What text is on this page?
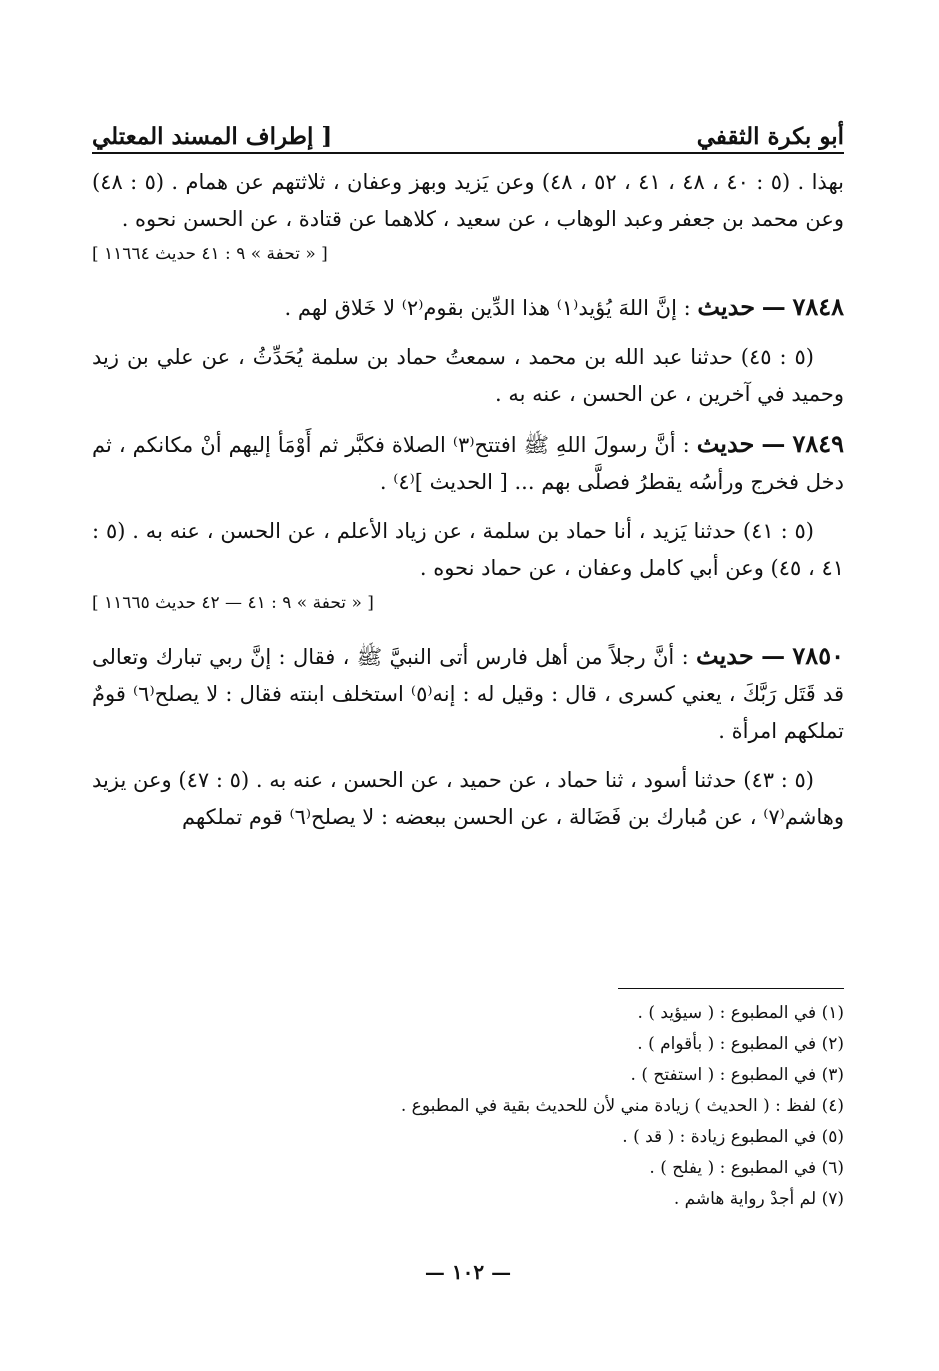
أبو بكرة الثقفي
[ إطراف المسند المعتلي

بهذا . (٥ : ٤٠ ، ٤٨ ، ٤١ ، ٥٢ ، ٤٨) وعن يَزيد وبهز وعفان ، ثلاثتهم عن همام . (٥ : ٤٨) وعن محمد بن جعفر وعبد الوهاب ، عن سعيد ، كلاهما عن قتادة ، عن الحسن نحوه .

[ « تحفة » ٩ : ٤١ حديث ١١٦٦٤ ]

٧٨٤٨ — حديث : إنَّ اللهَ يُؤيد⁽١⁾ هذا الدِّين بقوم⁽٢⁾ لا خَلاق لهم .

(٥ : ٤٥) حدثنا عبد الله بن محمد ، سمعتُ حماد بن سلمة يُحَدِّثُ ، عن علي بن زيد وحميد في آخرين ، عن الحسن ، عنه به .

٧٨٤٩ — حديث : أنَّ رسولَ اللهِ ﷺ افتتح⁽٣⁾ الصلاة فكبَّر ثم أَوْمَأ إليهم أنْ مكانكم ، ثم دخل فخرج ورأسُه يقطرُ فصلَّى بهم ... [ الحديث ]⁽٤⁾ .

(٥ : ٤١) حدثنا يَزيد ، أنا حماد بن سلمة ، عن زياد الأعلم ، عن الحسن ، عنه به . (٥ : ٤١ ، ٤٥) وعن أبي كامل وعفان ، عن حماد نحوه .

[ « تحفة » ٩ : ٤١ — ٤٢ حديث ١١٦٦٥ ]

٧٨٥٠ — حديث : أنَّ رجلاً من أهل فارس أتى النبيَّ ﷺ ، فقال : إنَّ ربي تبارك وتعالى قد قَتَل رَبَّكَ ، يعني كسرى ، قال : وقيل له : إنه⁽٥⁾ استخلف ابنته فقال : لا يصلح⁽٦⁾ قومٌ تملكهم امرأة .

(٥ : ٤٣) حدثنا أسود ، ثنا حماد ، عن حميد ، عن الحسن ، عنه به . (٥ : ٤٧) وعن يزيد وهاشم⁽٧⁾ ، عن مُبارك بن فَضَالة ، عن الحسن ببعضه : لا يصلح⁽٦⁾ قوم تملكهم

(١) في المطبوع : ( سيؤيد ) .
(٢) في المطبوع : ( بأقوام ) .
(٣) في المطبوع : ( استفتح ) .
(٤) لفظ : ( الحديث ) زيادة مني لأن للحديث بقية في المطبوع .
(٥) في المطبوع زيادة : ( قد ) .
(٦) في المطبوع : ( يفلح ) .
(٧) لم أجدْ رواية هاشم .
— ١٠٢ —
